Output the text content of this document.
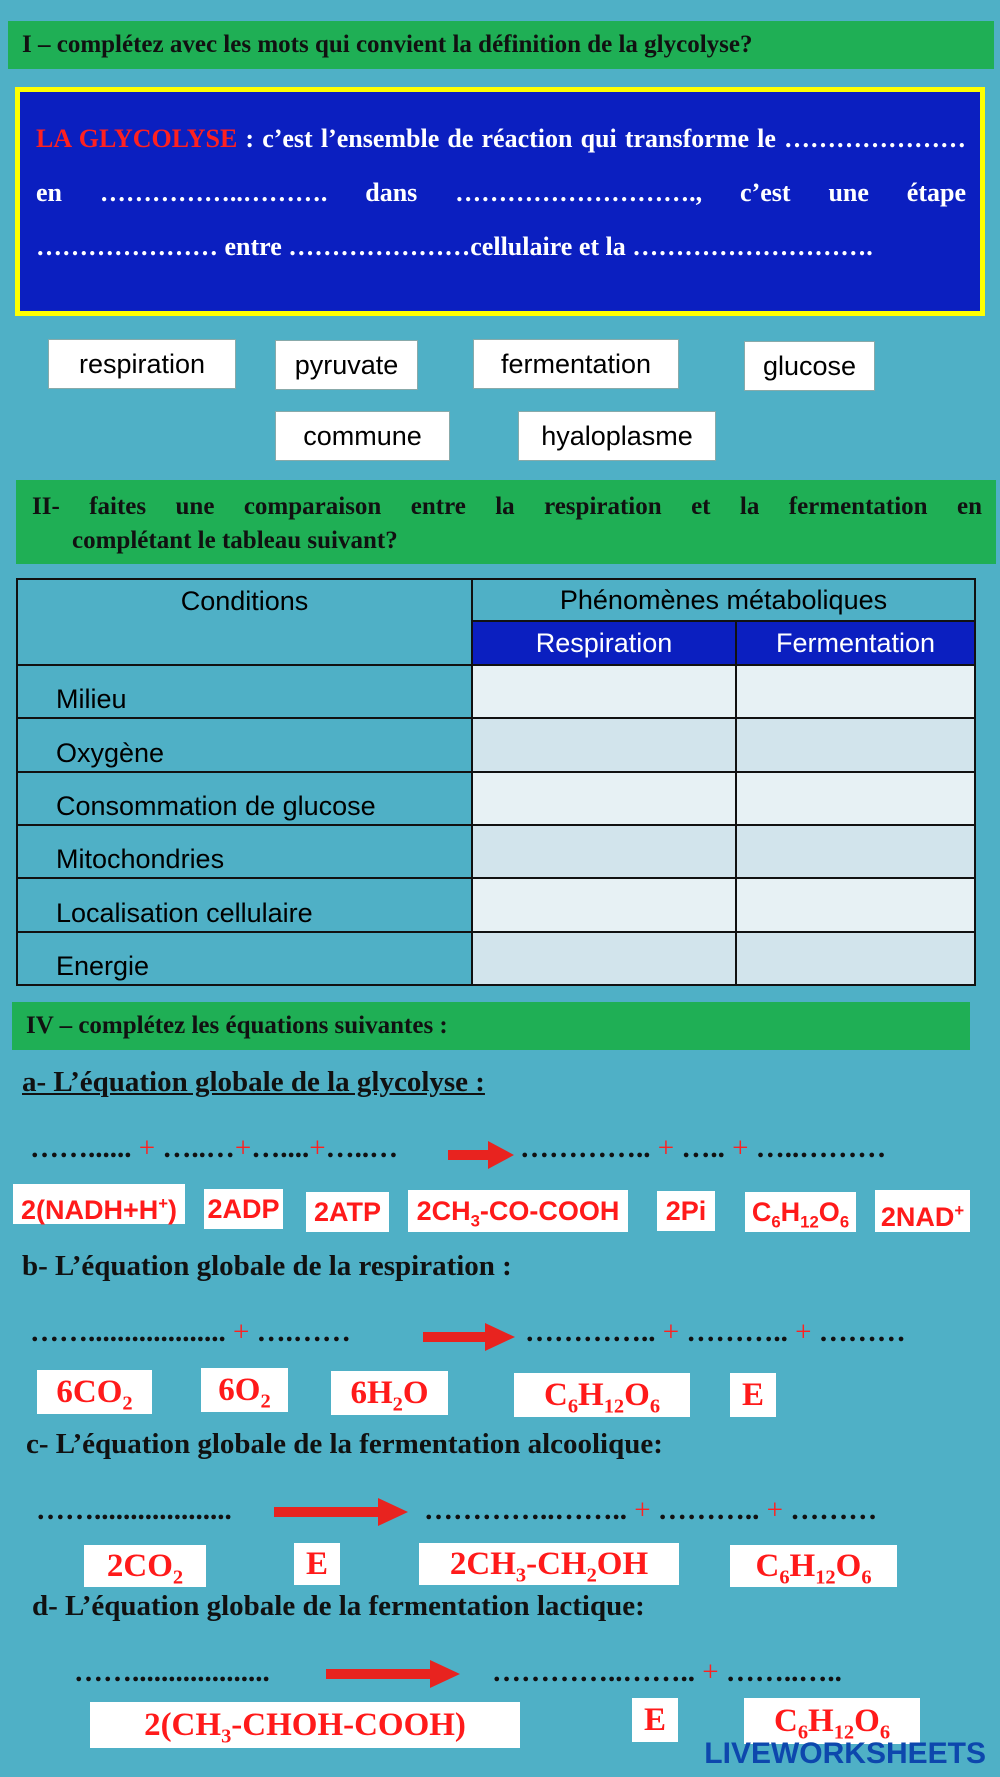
I – complétez avec les mots qui convient la définition de la glycolyse?
LA GLYCOLYSE : c’est l’ensemble de réaction qui transforme le ………………… en ……………..………. dans ………………………., c’est une étape ………………… entre …………………cellulaire et la ……………………….
respiration	pyruvate	fermentation	glucose
commune	hyaloplasme
II- faites une comparaison entre la respiration et la fermentation en
complétant le tableau suivant?
Conditions	Phénomènes métaboliques	
	Respiration	Fermentation
Milieu		
Oxygène		
Consommation de glucose		
Mitochondries		
Localisation cellulaire		
Energie		
IV – complétez les équations suivantes :
a- L’équation globale de la glycolyse :
……...... + …..…+…....+…..…	………….. + ….. + …..………
2(NADH+H+) 2ADP 2ATP	$2CH_3-CO$-COOH	2Pi	$C_6H_{12}O_6$ 2NAD+
b- L’équation globale de la respiration :
……................... + ….……	………….. + ……….. + ………
$6CO_2$	$6O_2$	$6H_2O$	$C_6H_{12}O_6$	E
c- L’équation globale de la fermentation alcoolique:
……...................	…………..…….. + ……….. + ………
$2CO_2$	E	$2CH_3-CH_2OH$	$C_6H_{12}O_6$
d- L’équation globale de la fermentation lactique:
……...................	…………..…….. + ……..…..
$2(CH_3-CHOH-COOH)$	E	$C_6H_{12}O_6$
LIVEWORKSHEETS
